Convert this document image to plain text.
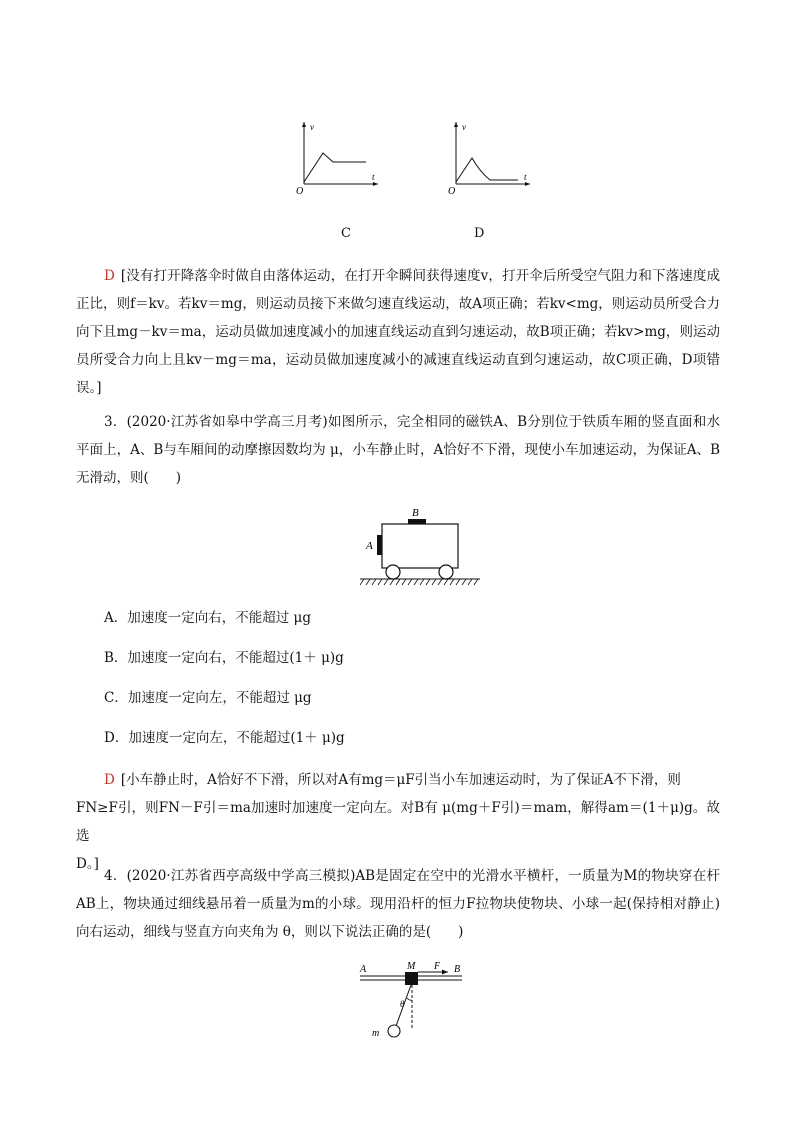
v
t
O
v
t
O
C	D
D [没有打开降落伞时做自由落体运动，在打开伞瞬间获得速度v，打开伞后所受空气阻力和下落速度成正比，则f＝kv。若kv＝mg，则运动员接下来做匀速直线运动，故A项正确；若kv<mg，则运动员所受合力向下且mg－kv＝ma，运动员做加速度减小的加速直线运动直到匀速运动，故B项正确；若kv>mg，则运动员所受合力向上且kv－mg＝ma，运动员做加速度减小的减速直线运动直到匀速运动，故C项正确，D项错误。]
3．(2020·江苏省如皋中学高三月考)如图所示，完全相同的磁铁A、B分别位于铁质车厢的竖直面和水平面上，A、B与车厢间的动摩擦因数均为 μ，小车静止时，A恰好不下滑，现使小车加速运动，为保证A、B无滑动，则(　　)
B
A
A．加速度一定向右，不能超过 μg
B．加速度一定向右，不能超过(1＋ μ)g
C．加速度一定向左，不能超过 μg
D．加速度一定向左，不能超过(1＋ μ)g
D [小车静止时，A恰好不下滑，所以对A有mg＝μF引当小车加速运动时，为了保证A不下滑，则
FN≥F引，则FN－F引＝ma加速时加速度一定向左。对B有 μ(mg＋F引)＝mam，解得am＝(1＋μ)g。故选
D。]
4．(2020·江苏省西亭高级中学高三模拟)AB是固定在空中的光滑水平横杆，一质量为M的物块穿在杆AB上，物块通过细线悬吊着一质量为m的小球。现用沿杆的恒力F拉物块使物块、小球一起(保持相对静止)向右运动，细线与竖直方向夹角为 θ，则以下说法正确的是(　　)
A	M F B
θ
m
